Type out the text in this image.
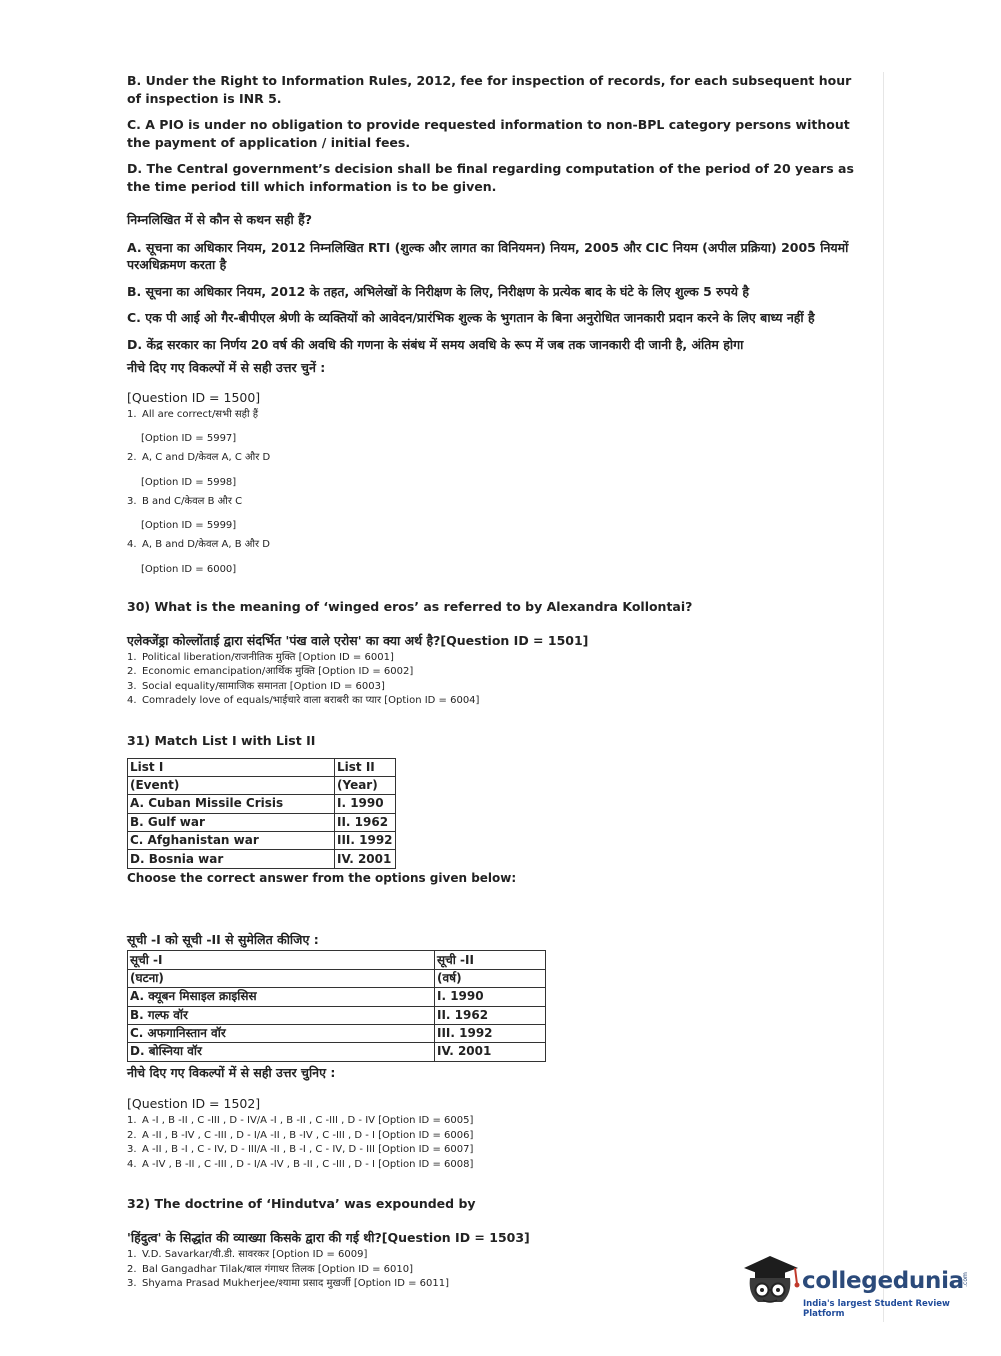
B. Under the Right to Information Rules, 2012, fee for inspection of records, for each subsequent hour of inspection is INR 5.

C. A PIO is under no obligation to provide requested information to non-BPL category persons without the payment of application / initial fees.

D. The Central government’s decision shall be final regarding computation of the period of 20 years as the time period till which information is to be given.

निम्नलिखित में से कौन से कथन सही हैं?

A. सूचना का अधिकार नियम, 2012 निम्नलिखित RTI (शुल्क और लागत का विनियमन) नियम, 2005 और CIC नियम (अपील प्रक्रिया) 2005 नियमों परअधिक्रमण करता है

B. सूचना का अधिकार नियम, 2012 के तहत, अभिलेखों के निरीक्षण के लिए, निरीक्षण के प्रत्येक बाद के घंटे के लिए शुल्क 5 रुपये है

C. एक पी आई ओ गैर-बीपीएल श्रेणी के व्यक्तियों को आवेदन/प्रारंभिक शुल्क के भुगतान के बिना अनुरोधित जानकारी प्रदान करने के लिए बाध्य नहीं है

D. केंद्र सरकार का निर्णय 20 वर्ष की अवधि की गणना के संबंध में समय अवधि के रूप में जब तक जानकारी दी जानी है, अंतिम होगा

नीचे दिए गए विकल्पों में से सही उत्तर चुनें :

[Question ID = 1500]
1. All are correct/सभी सही हैं
[Option ID = 5997]
2. A, C and D/केवल A, C और D
[Option ID = 5998]
3. B and C/केवल B और C
[Option ID = 5999]
4. A, B and D/केवल A, B और D
[Option ID = 6000]
30) What is the meaning of ‘winged eros’ as referred to by Alexandra Kollontai?
एलेक्जेंड्रा कोल्लोंताई द्वारा संदर्भित 'पंख वाले एरोस' का क्या अर्थ है?[Question ID = 1501]
1. Political liberation/राजनीतिक मुक्ति [Option ID = 6001]
2. Economic emancipation/आर्थिक मुक्ति [Option ID = 6002]
3. Social equality/सामाजिक समानता [Option ID = 6003]
4. Comradely love of equals/भाईचारे वाला बराबरी का प्यार [Option ID = 6004]
31) Match List I with List II
List I	List II
(Event)	(Year)
A. Cuban Missile Crisis	I. 1990
B. Gulf war	II. 1962
C. Afghanistan war	III. 1992
D. Bosnia war	IV. 2001
Choose the correct answer from the options given below:
सूची -I को सूची -II से सुमेलित कीजिए :
सूची -I	सूची -II
(घटना)	(वर्ष)
A. क्यूबन मिसाइल क्राइसिस	I. 1990
B. गल्फ वॉर	II. 1962
C. अफगानिस्तान वॉर	III. 1992
D. बोस्निया वॉर	IV. 2001
नीचे दिए गए विकल्पों में से सही उत्तर चुनिए :
[Question ID = 1502]
1. A -I , B -II , C -III , D - IV/A -I , B -II , C -III , D - IV [Option ID = 6005]
2. A -II , B -IV , C -III , D - I/A -II , B -IV , C -III , D - I [Option ID = 6006]
3. A -II , B -I , C - IV, D - III/A -II , B -I , C - IV, D - III [Option ID = 6007]
4. A -IV , B -II , C -III , D - I/A -IV , B -II , C -III , D - I [Option ID = 6008]
32) The doctrine of ‘Hindutva’ was expounded by
'हिंदुत्व' के सिद्धांत की व्याख्या किसके द्वारा की गई थी?[Question ID = 1503]
1. V.D. Savarkar/वी.डी. सावरकर [Option ID = 6009]
2. Bal Gangadhar Tilak/बाल गंगाधर तिलक [Option ID = 6010]
3. Shyama Prasad Mukherjee/श्यामा प्रसाद मुखर्जी [Option ID = 6011]	collegedunia
.com
India's largest Student Review Platform
